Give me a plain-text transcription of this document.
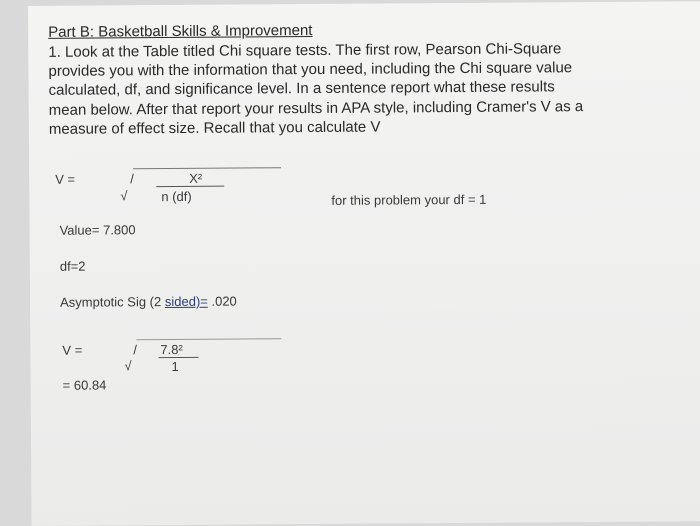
Part B: Basketball Skills & Improvement
1. Look at the Table titled Chi square tests. The first row, Pearson Chi-Square
provides you with the information that you need, including the Chi square value
calculated, df, and significance level. In a sentence report what these results
mean below. After that report your results in APA style, including Cramer's V as a
measure of effect size. Recall that you calculate V
V =	/
√
X²
n (df)	for this problem your df = 1
Value= 7.800
df=2
Asymptotic Sig (2 sided)= .020
V =	/
√
7.8²
1
= 60.84
